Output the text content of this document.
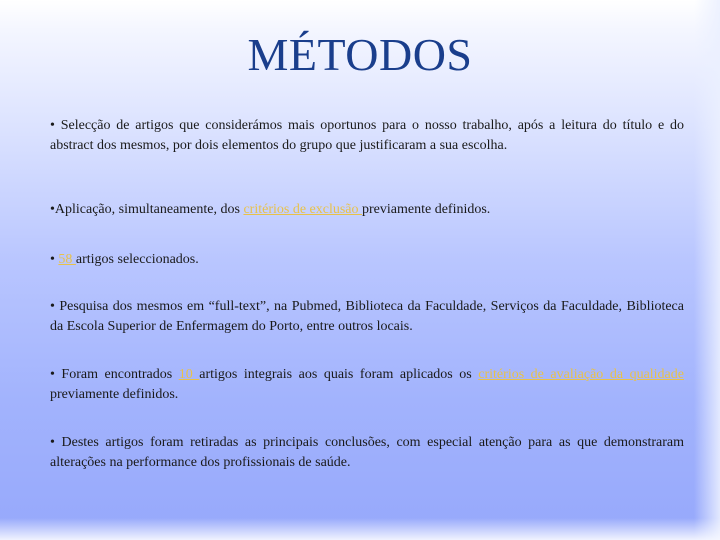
MÉTODOS

• Selecção de artigos que considerámos mais oportunos para o nosso trabalho, após a leitura do título e do abstract dos mesmos, por dois elementos do grupo que justificaram a sua escolha.

•Aplicação, simultaneamente, dos critérios de exclusão previamente definidos.

• 58 artigos seleccionados.

• Pesquisa dos mesmos em “full-text”, na Pubmed, Biblioteca da Faculdade, Serviços da Faculdade, Biblioteca da Escola Superior de Enfermagem do Porto, entre outros locais.

• Foram encontrados 10 artigos integrais aos quais foram aplicados os critérios de avaliação da qualidade previamente definidos.

• Destes artigos foram retiradas as principais conclusões, com especial atenção para as que demonstraram alterações na performance dos profissionais de saúde.
